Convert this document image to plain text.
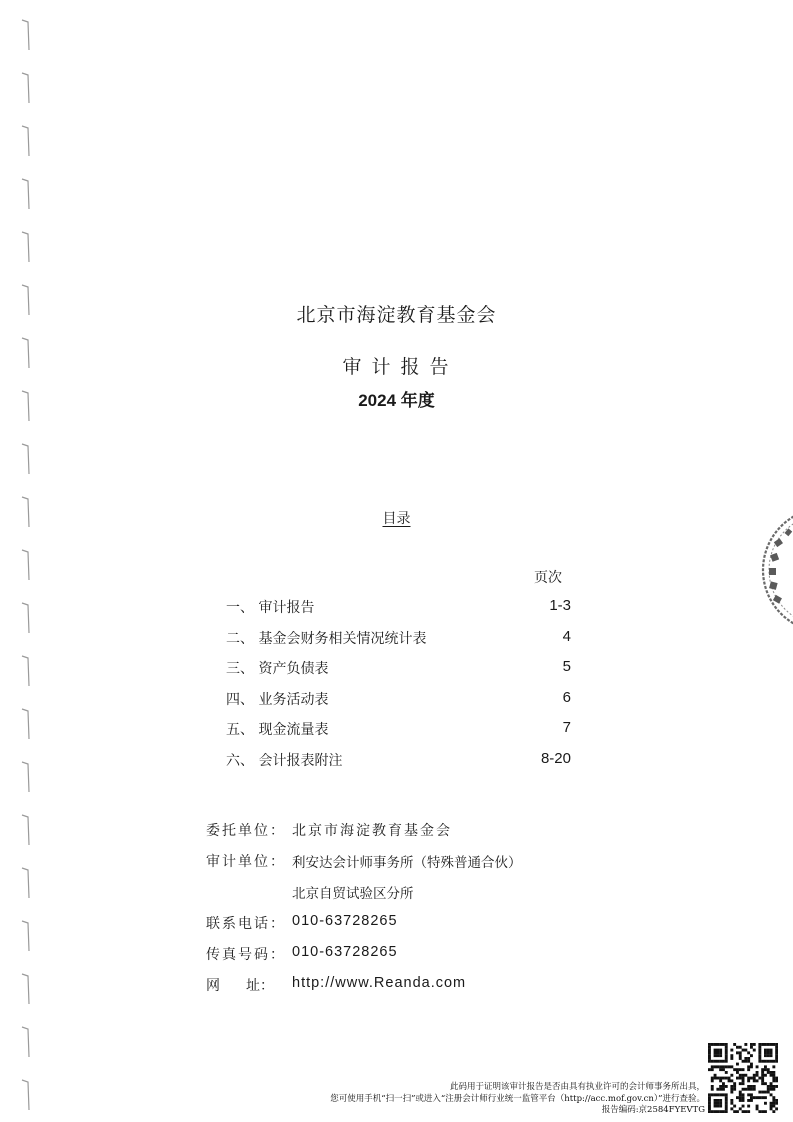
北京市海淀教育基金会
审计报告
2024 年度
目录
页次
一、 审计报告	1-3
二、 基金会财务相关情况统计表	4
三、 资产负债表	5
四、 业务活动表	6
五、 现金流量表	7
六、 会计报表附注	8-20
委托单位： 北京市海淀教育基金会
审计单位： 利安达会计师事务所（特殊普通合伙）
北京自贸试验区分所
联系电话： 010-63728265
传真号码： 010-63728265
网 址： http://www.Reanda.com
此码用于证明该审计报告是否由具有执业许可的会计师事务所出具，
您可使用手机“扫一扫”或进入“注册会计师行业统一监管平台（http://acc.mof.gov.cn）”进行查验。
报告编码:京2584FYEVTG
